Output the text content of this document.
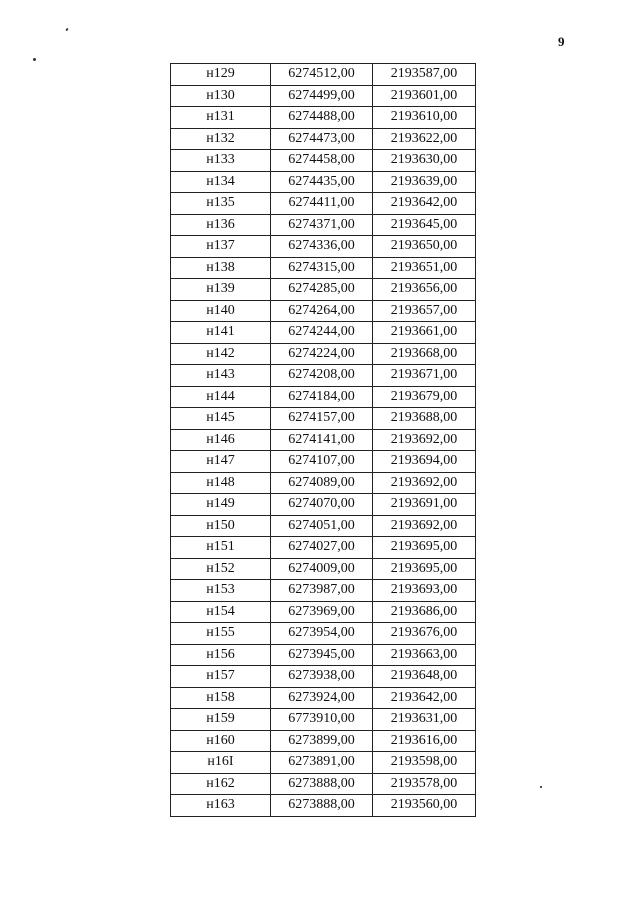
9
н129	6274512,00	2193587,00
н130	6274499,00	2193601,00
н131	6274488,00	2193610,00
н132	6274473,00	2193622,00
н133	6274458,00	2193630,00
н134	6274435,00	2193639,00
н135	6274411,00	2193642,00
н136	6274371,00	2193645,00
н137	6274336,00	2193650,00
н138	6274315,00	2193651,00
н139	6274285,00	2193656,00
н140	6274264,00	2193657,00
н141	6274244,00	2193661,00
н142	6274224,00	2193668,00
н143	6274208,00	2193671,00
н144	6274184,00	2193679,00
н145	6274157,00	2193688,00
н146	6274141,00	2193692,00
н147	6274107,00	2193694,00
н148	6274089,00	2193692,00
н149	6274070,00	2193691,00
н150	6274051,00	2193692,00
н151	6274027,00	2193695,00
н152	6274009,00	2193695,00
н153	6273987,00	2193693,00
н154	6273969,00	2193686,00
н155	6273954,00	2193676,00
н156	6273945,00	2193663,00
н157	6273938,00	2193648,00
н158	6273924,00	2193642,00
н159	6773910,00	2193631,00
н160	6273899,00	2193616,00
н16I	6273891,00	2193598,00
н162	6273888,00	2193578,00
н163	6273888,00	2193560,00
